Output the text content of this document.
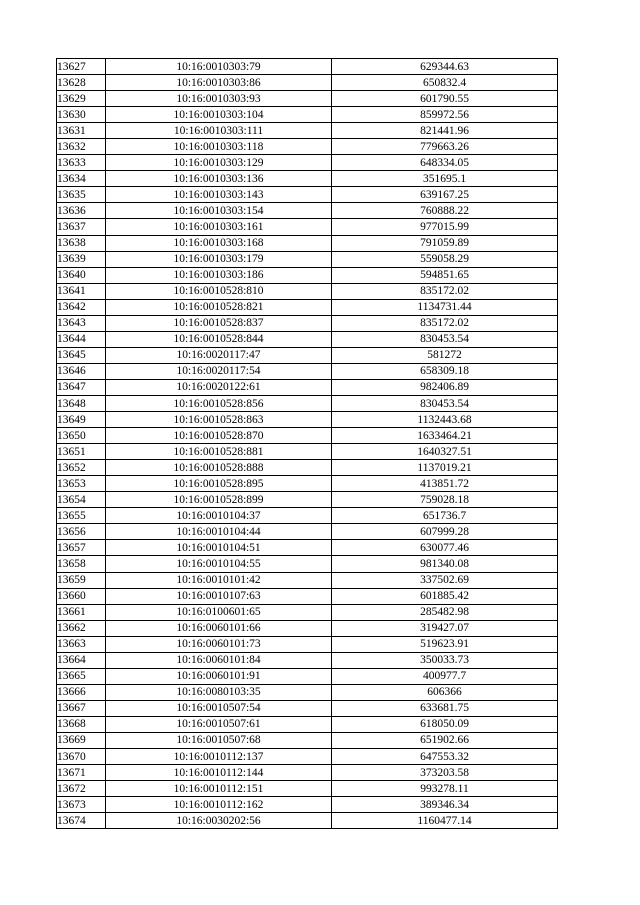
13627	10:16:0010303:79	629344.63
13628	10:16:0010303:86	650832.4
13629	10:16:0010303:93	601790.55
13630	10:16:0010303:104	859972.56
13631	10:16:0010303:111	821441.96
13632	10:16:0010303:118	779663.26
13633	10:16:0010303:129	648334.05
13634	10:16:0010303:136	351695.1
13635	10:16:0010303:143	639167.25
13636	10:16:0010303:154	760888.22
13637	10:16:0010303:161	977015.99
13638	10:16:0010303:168	791059.89
13639	10:16:0010303:179	559058.29
13640	10:16:0010303:186	594851.65
13641	10:16:0010528:810	835172.02
13642	10:16:0010528:821	1134731.44
13643	10:16:0010528:837	835172.02
13644	10:16:0010528:844	830453.54
13645	10:16:0020117:47	581272
13646	10:16:0020117:54	658309.18
13647	10:16:0020122:61	982406.89
13648	10:16:0010528:856	830453.54
13649	10:16:0010528:863	1132443.68
13650	10:16:0010528:870	1633464.21
13651	10:16:0010528:881	1640327.51
13652	10:16:0010528:888	1137019.21
13653	10:16:0010528:895	413851.72
13654	10:16:0010528:899	759028.18
13655	10:16:0010104:37	651736.7
13656	10:16:0010104:44	607999.28
13657	10:16:0010104:51	630077.46
13658	10:16:0010104:55	981340.08
13659	10:16:0010101:42	337502.69
13660	10:16:0010107:63	601885.42
13661	10:16:0100601:65	285482.98
13662	10:16:0060101:66	319427.07
13663	10:16:0060101:73	519623.91
13664	10:16:0060101:84	350033.73
13665	10:16:0060101:91	400977.7
13666	10:16:0080103:35	606366
13667	10:16:0010507:54	633681.75
13668	10:16:0010507:61	618050.09
13669	10:16:0010507:68	651902.66
13670	10:16:0010112:137	647553.32
13671	10:16:0010112:144	373203.58
13672	10:16:0010112:151	993278.11
13673	10:16:0010112:162	389346.34
13674	10:16:0030202:56	1160477.14
